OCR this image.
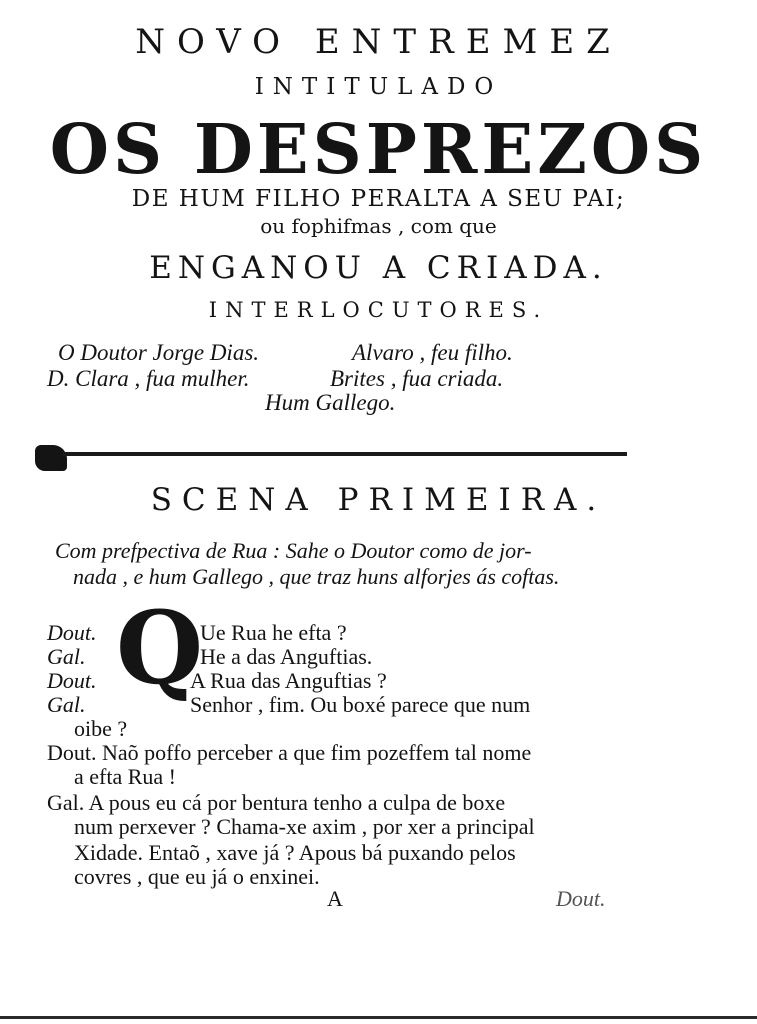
NOVO ENTREMEZ
INTITULADO
OS DESPREZOS
DE HUM FILHO PERALTA A SEU PAI;
ou fophifmas , com que
ENGANOU A CRIADA.
INTERLOCUTORES.
O Doutor Jorge Dias.	Alvaro , feu filho.
D. Clara , fua mulher.	Brites , fua criada.
Hum Gallego.
SCENA PRIMEIRA.
Com prefpectiva de Rua : Sahe o Doutor como de jor-
nada , e hum Gallego , que traz huns alforjes ás coftas.
Q
Dout.	Ue Rua he efta ?
Gal.	He a das Anguftias.
Dout.	A Rua das Anguftias ?
Gal.	Senhor , fim. Ou boxé parece que num
oibe ?
Dout. Naõ poffo perceber a que fim pozeffem tal nome
a efta Rua !
Gal. A pous eu cá por bentura tenho a culpa de boxe
num perxever ? Chama-xe axim , por xer a principal
Xidade. Entaõ , xave já ? Apous bá puxando pelos
covres , que eu já o enxinei.
A	Dout.
